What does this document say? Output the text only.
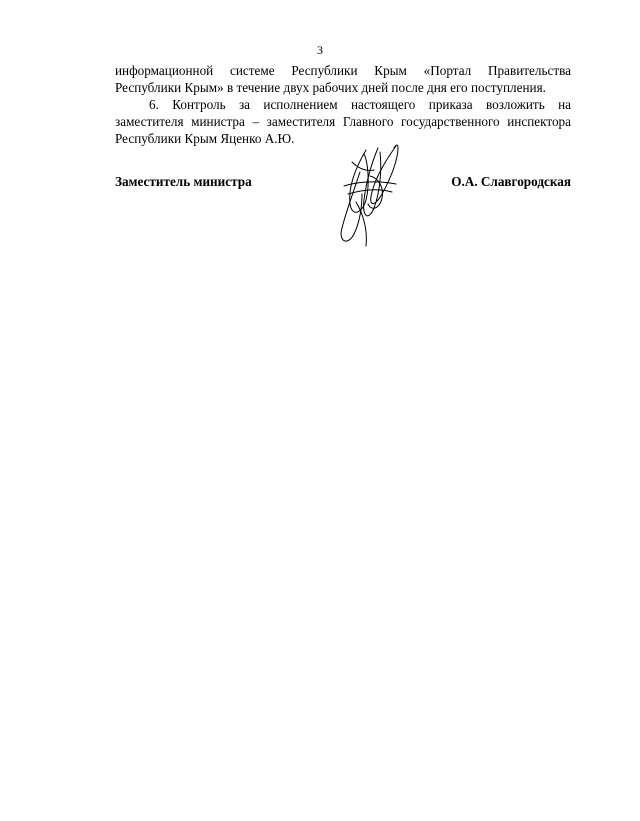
3

информационной системе Республики Крым «Портал Правительства Республики Крым» в течение двух рабочих дней после дня его поступления.

6. Контроль за исполнением настоящего приказа возложить на заместителя министра – заместителя Главного государственного инспектора Республики Крым Яценко А.Ю.

Заместитель министра	О.А. Славгородская
